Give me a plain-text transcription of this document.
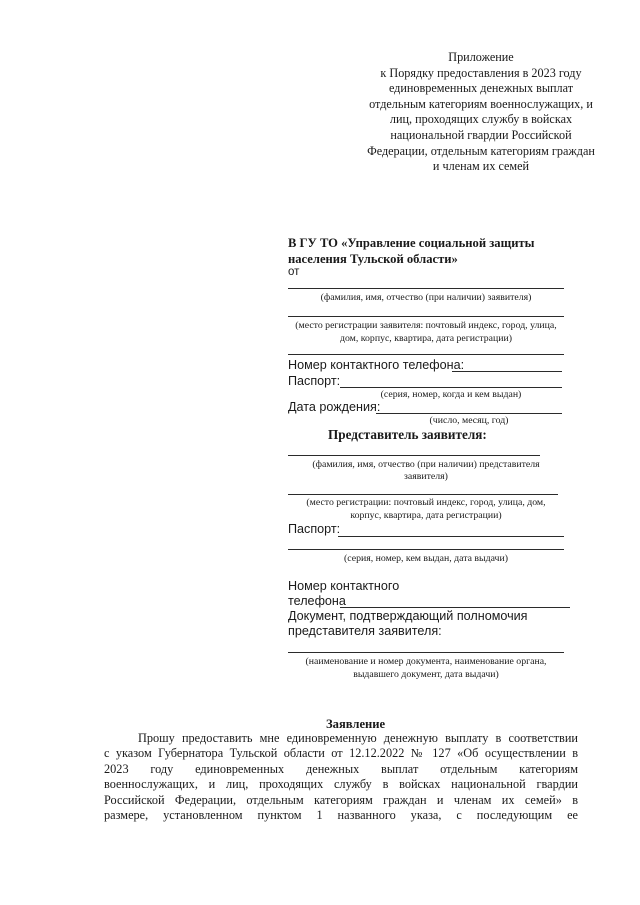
Приложение
к Порядку предоставления в 2023 году
единовременных денежных выплат
отдельным категориям военнослужащих, и
лиц, проходящих службу в войсках
национальной гвардии Российской
Федерации, отдельным категориям граждан
и членам их семей
В ГУ ТО «Управление социальной защиты
населения Тульской области»
от
(фамилия, имя, отчество (при наличии) заявителя)
(место регистрации заявителя: почтовый индекс, город, улица,
дом, корпус, квартира, дата регистрации)
Номер контактного телефона:
Паспорт:
(серия, номер, когда и кем выдан)
Дата рождения:
(число, месяц, год)
Представитель заявителя:
(фамилия, имя, отчество (при наличии) представителя
заявителя)
(место регистрации: почтовый индекс, город, улица, дом,
корпус, квартира, дата регистрации)
Паспорт:
(серия, номер, кем выдан, дата выдачи)
Номер контактного
телефона
Документ, подтверждающий полномочия
представителя заявителя:
(наименование и номер документа, наименование органа,
выдавшего документ, дата выдачи)
Заявление
Прошу предоставить мне единовременную денежную выплату в соответствии
с указом Губернатора Тульской области от 12.12.2022 № 127 «Об осуществлении в
2023 году единовременных денежных выплат отдельным категориям
военнослужащих, и лиц, проходящих службу в войсках национальной гвардии
Российской Федерации, отдельным категориям граждан и членам их семей» в
размере, установленном пунктом 1 названного указа, с последующим ее
